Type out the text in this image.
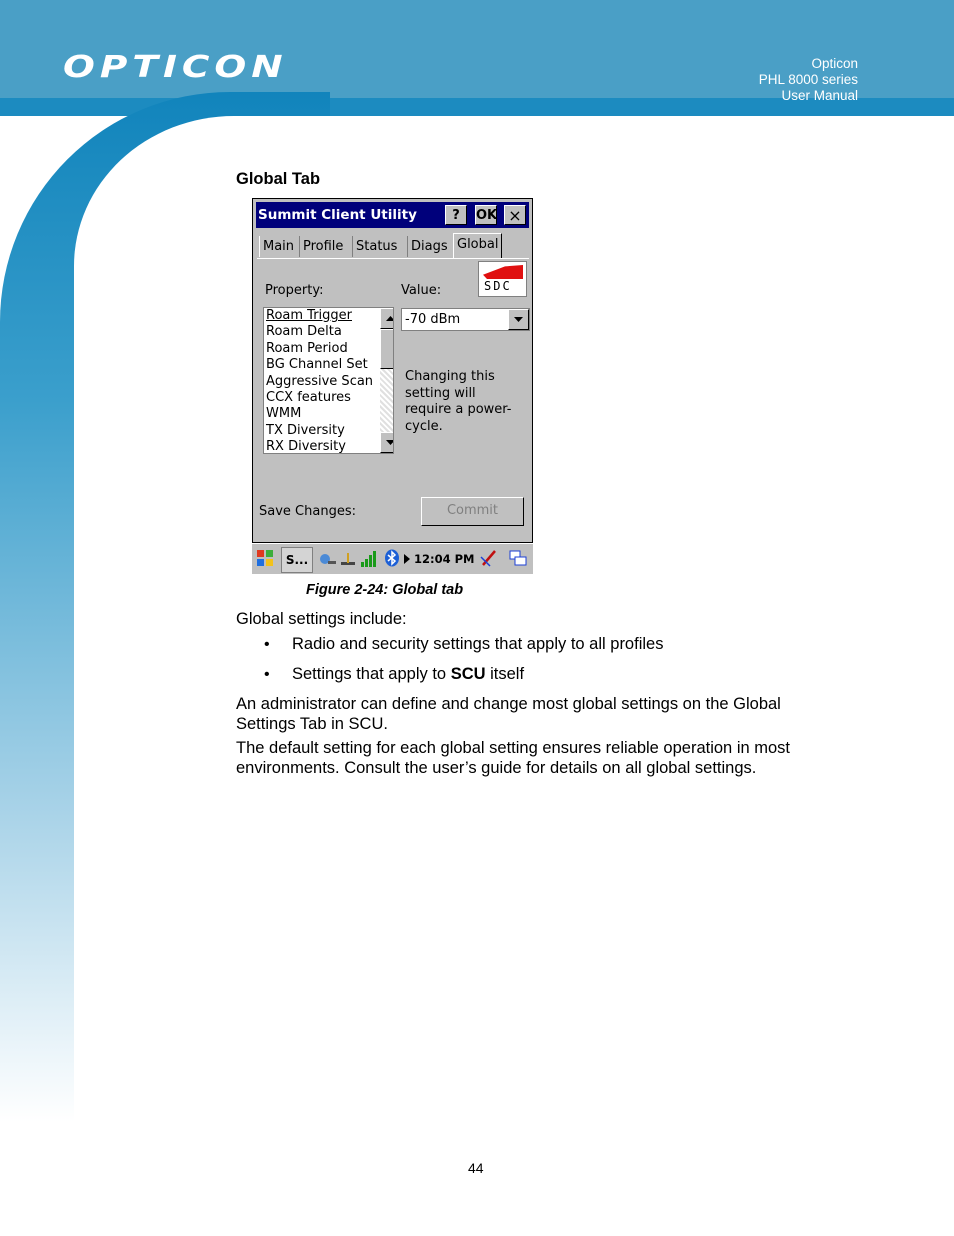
OPTICON	Opticon
PHL 8000 series
User Manual
Global Tab
Summit Client Utility	?	OK ×
Main Profile Status	Diags Global
SDC
Property:	Value:
Roam Trigger
Roam Delta
Roam Period
BG Channel Set
Aggressive Scan
CCX features
WMM
TX Diversity
RX Diversity
-70 dBm
Changing this setting will require a power-cycle.
Save Changes:	Commit
S...	12:04 PM
Figure 2-24: Global tab
Global settings include:
• Radio and security settings that apply to all profiles
• Settings that apply to SCU itself
An administrator can define and change most global settings on the Global Settings Tab in SCU.
The default setting for each global setting ensures reliable operation in most environments. Consult the user’s guide for details on all global settings.
44
